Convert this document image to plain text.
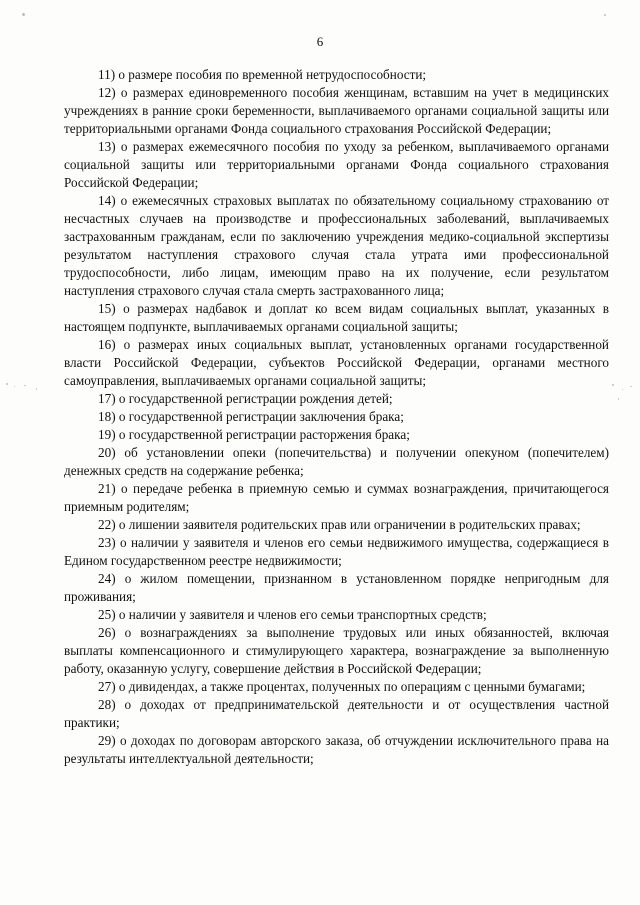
6

11) о размере пособия по временной нетрудоспособности;

12) о размерах единовременного пособия женщинам, вставшим на учет в медицинских учреждениях в ранние сроки беременности, выплачиваемого органами социальной защиты или территориальными органами Фонда социального страхования Российской Федерации;

13) о размерах ежемесячного пособия по уходу за ребенком, выплачиваемого органами социальной защиты или территориальными органами Фонда социального страхования Российской Федерации;

14) о ежемесячных страховых выплатах по обязательному социальному страхованию от несчастных случаев на производстве и профессиональных заболеваний, выплачиваемых застрахованным гражданам, если по заключению учреждения медико-социальной экспертизы результатом наступления страхового случая стала утрата ими профессиональной трудоспособности, либо лицам, имеющим право на их получение, если результатом наступления страхового случая стала смерть застрахованного лица;

15) о размерах надбавок и доплат ко всем видам социальных выплат, указанных в настоящем подпункте, выплачиваемых органами социальной защиты;

16) о размерах иных социальных выплат, установленных органами государственной власти Российской Федерации, субъектов Российской Федерации, органами местного самоуправления, выплачиваемых органами социальной защиты;

17) о государственной регистрации рождения детей;

18) о государственной регистрации заключения брака;

19) о государственной регистрации расторжения брака;

20) об установлении опеки (попечительства) и получении опекуном (попечителем) денежных средств на содержание ребенка;

21) о передаче ребенка в приемную семью и суммах вознаграждения, причитающегося приемным родителям;

22) о лишении заявителя родительских прав или ограничении в родительских правах;

23) о наличии у заявителя и членов его семьи недвижимого имущества, содержащиеся в Едином государственном реестре недвижимости;

24) о жилом помещении, признанном в установленном порядке непригодным для проживания;

25) о наличии у заявителя и членов его семьи транспортных средств;

26) о вознаграждениях за выполнение трудовых или иных обязанностей, включая выплаты компенсационного и стимулирующего характера, вознаграждение за выполненную работу, оказанную услугу, совершение действия в Российской Федерации;

27) о дивидендах, а также процентах, полученных по операциям с ценными бумагами;

28) о доходах от предпринимательской деятельности и от осуществления частной практики;

29) о доходах по договорам авторского заказа, об отчуждении исключительного права на результаты интеллектуальной деятельности;
